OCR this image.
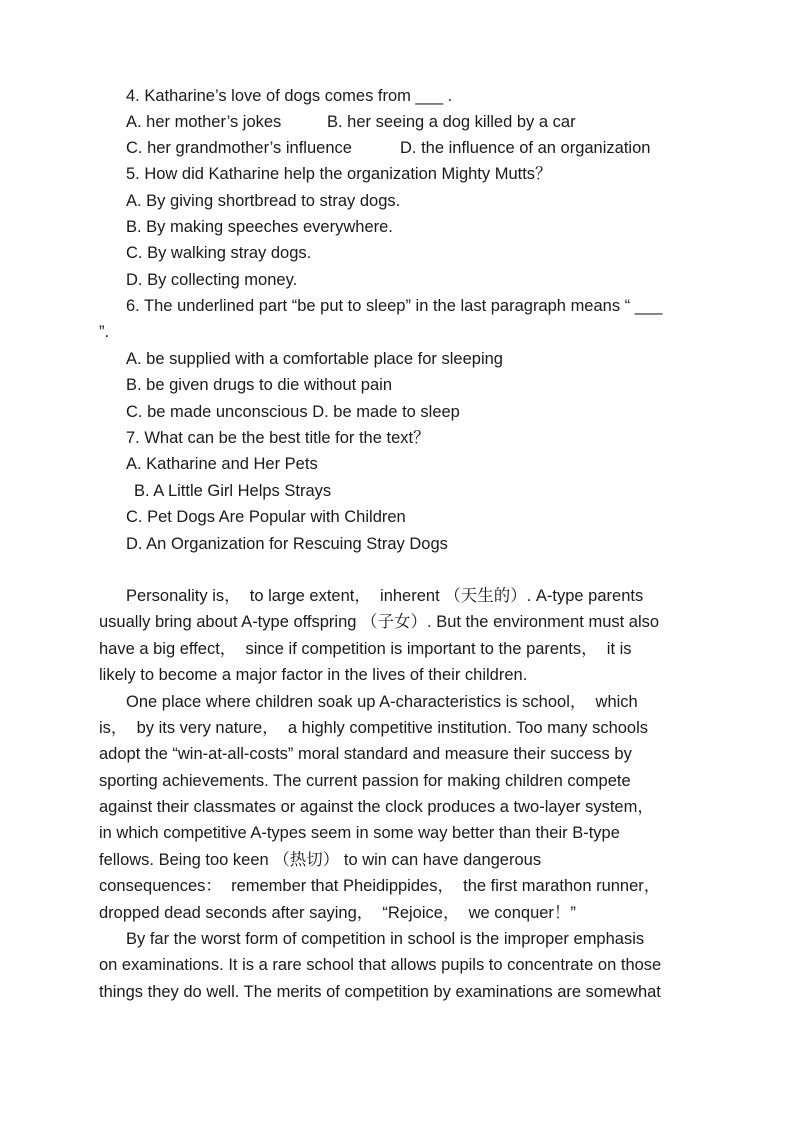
4. Katharine’s love of dogs comes from ___ .
A. her mother’s jokes	B. her seeing a dog killed by a car
C. her grandmother’s influence	D. the influence of an organization
5. How did Katharine help the organization Mighty Mutts？
A. By giving shortbread to stray dogs.
B. By making speeches everywhere.
C. By walking stray dogs.
D. By collecting money.
6. The underlined part “be put to sleep” in the last paragraph means “ ___
”.
A. be supplied with a comfortable place for sleeping
B. be given drugs to die without pain
C. be made unconscious D. be made to sleep
7. What can be the best title for the text？
A. Katharine and Her Pets
B. A Little Girl Helps Strays
C. Pet Dogs Are Popular with Children
D. An Organization for Rescuing Stray Dogs
Personality is，  to large extent，  inherent （天生的）. A-type parents
usually bring about A-type offspring （子女）. But the environment must also
have a big effect，  since if competition is important to the parents，  it is
likely to become a major factor in the lives of their children.
One place where children soak up A-characteristics is school，  which
is，  by its very nature，  a highly competitive institution. Too many schools
adopt the “win-at-all-costs” moral standard and measure their success by
sporting achievements. The current passion for making children compete
against their classmates or against the clock produces a two-layer system，
in which competitive A-types seem in some way better than their B-type
fellows. Being too keen （热切） to win can have dangerous
consequences：  remember that Pheidippides，  the first marathon runner，
dropped dead seconds after saying，  “Rejoice，  we conquer！”
By far the worst form of competition in school is the improper emphasis
on examinations. It is a rare school that allows pupils to concentrate on those
things they do well. The merits of competition by examinations are somewhat
